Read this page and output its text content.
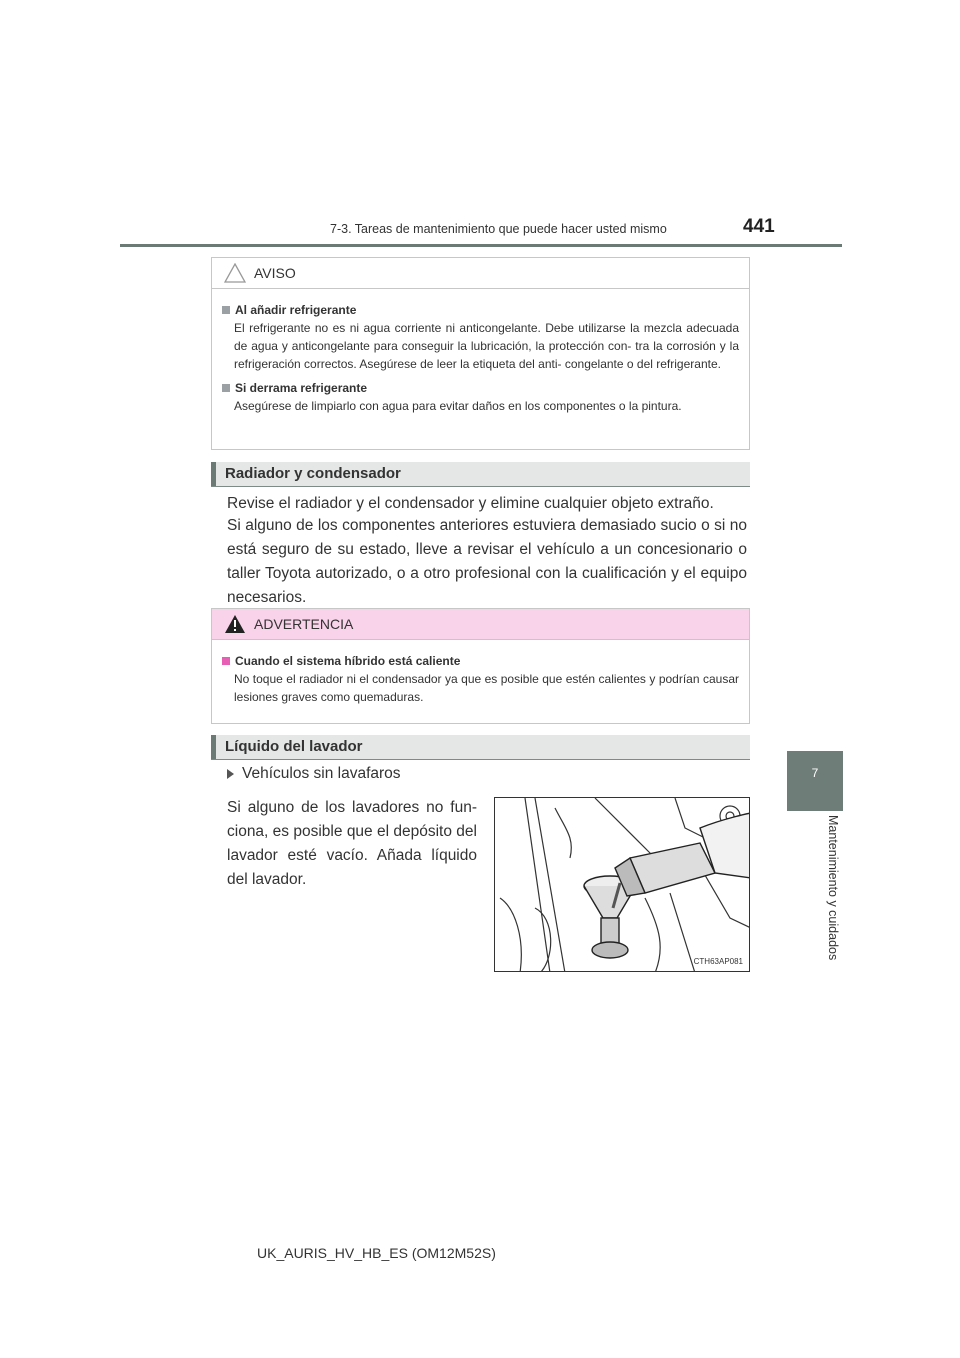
7-3. Tareas de mantenimiento que puede hacer usted mismo	441
7
Mantenimiento y cuidados
AVISO
Al añadir refrigerante
El refrigerante no es ni agua corriente ni anticongelante. Debe utilizarse la mezcla adecuada de agua y anticongelante para conseguir la lubricación, la protección con- tra la corrosión y la refrigeración correctos. Asegúrese de leer la etiqueta del anti- congelante o del refrigerante.
Si derrama refrigerante
Asegúrese de limpiarlo con agua para evitar daños en los componentes o la pintura.
Radiador y condensador
Revise el radiador y el condensador y elimine cualquier objeto extraño.
Si alguno de los componentes anteriores estuviera demasiado sucio o si no está seguro de su estado, lleve a revisar el vehículo a un concesionario o taller Toyota autorizado, o a otro profesional con la cualificación y el equipo necesarios.
ADVERTENCIA
Cuando el sistema híbrido está caliente
No toque el radiador ni el condensador ya que es posible que estén calientes y podrían causar lesiones graves como quemaduras.
Líquido del lavador
Vehículos sin lavafaros
Si alguno de los lavadores no fun- ciona, es posible que el depósito del lavador esté vacío. Añada líquido del lavador.
CTH63AP081
UK_AURIS_HV_HB_ES (OM12M52S)
